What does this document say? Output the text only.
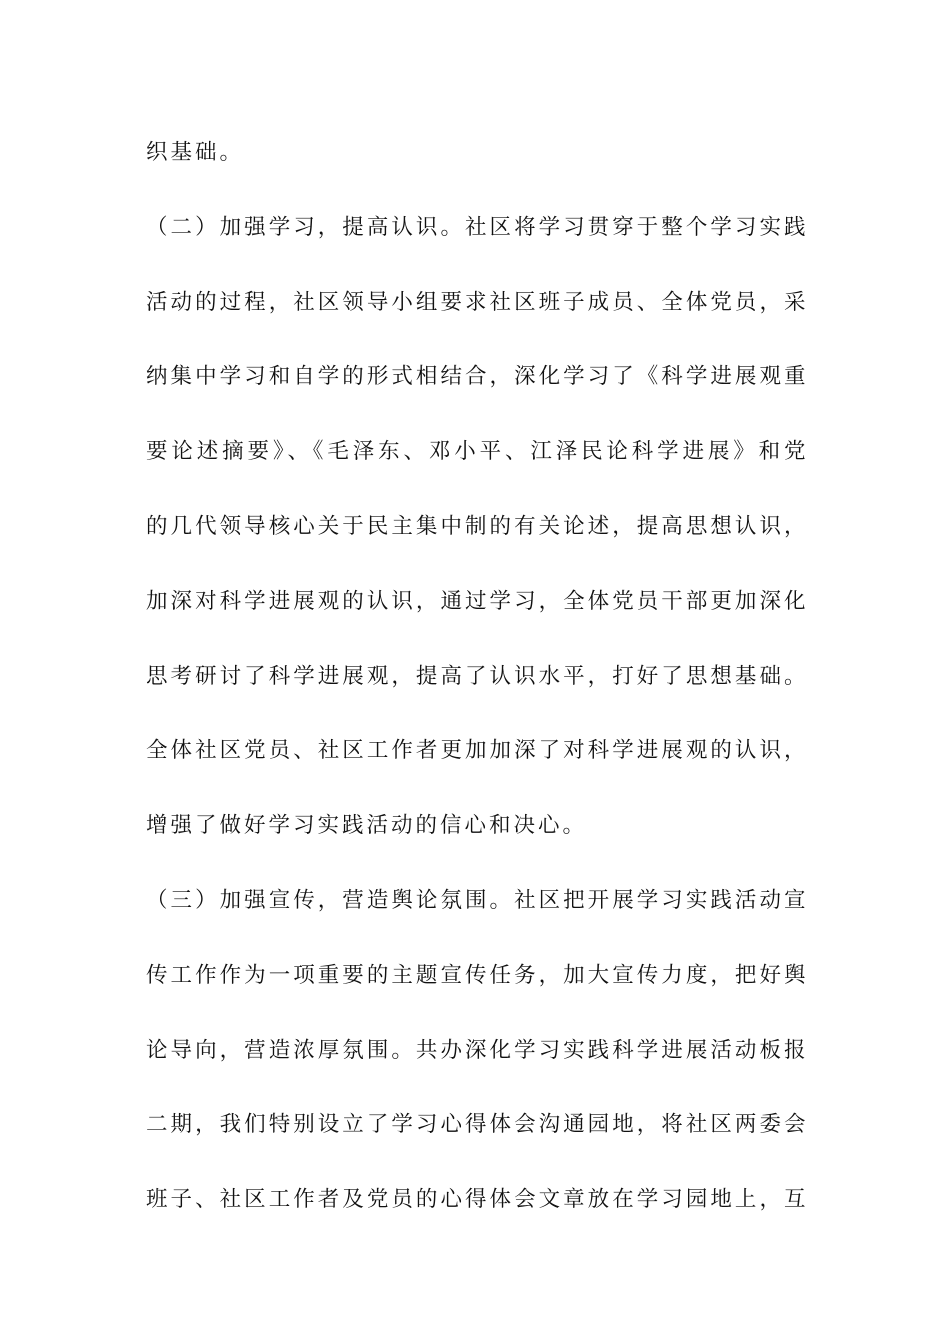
织基础。
（二）加强学习，提高认识。社区将学习贯穿于整个学习实践
活动的过程，社区领导小组要求社区班子成员、全体党员，采
纳集中学习和自学的形式相结合，深化学习了《科学进展观重
要论述摘要》、《毛泽东、邓小平、江泽民论科学进展》和党
的几代领导核心关于民主集中制的有关论述，提高思想认识，
加深对科学进展观的认识，通过学习，全体党员干部更加深化
思考研讨了科学进展观，提高了认识水平，打好了思想基础。
全体社区党员、社区工作者更加加深了对科学进展观的认识，
增强了做好学习实践活动的信心和决心。
（三）加强宣传，营造舆论氛围。社区把开展学习实践活动宣
传工作作为一项重要的主题宣传任务，加大宣传力度，把好舆
论导向，营造浓厚氛围。共办深化学习实践科学进展活动板报
二期，我们特别设立了学习心得体会沟通园地，将社区两委会
班子、社区工作者及党员的心得体会文章放在学习园地上，互
